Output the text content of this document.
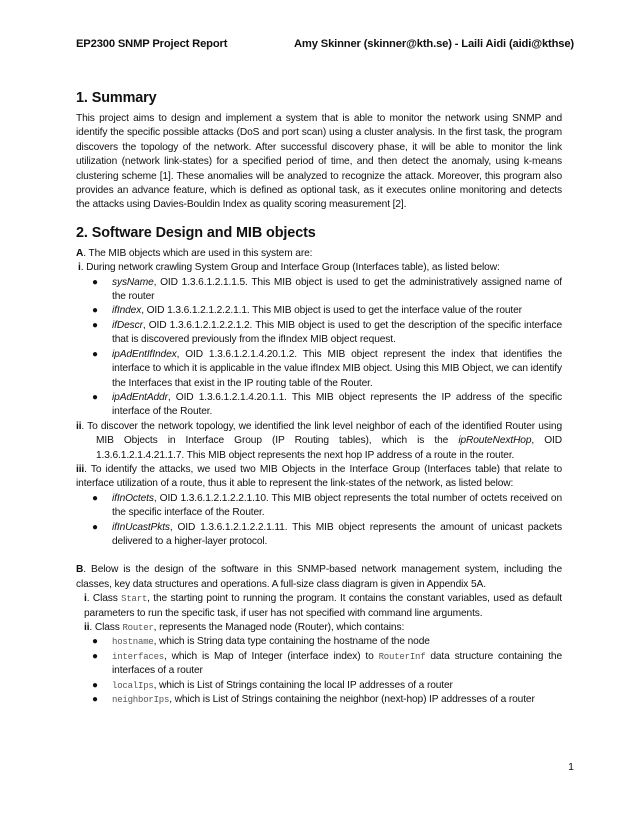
EP2300 SNMP Project Report	Amy Skinner (skinner@kth.se) - Laili Aidi (aidi@kthse)
1. Summary

This project aims to design and implement a system that is able to monitor the network using SNMP and identify the specific possible attacks (DoS and port scan) using a cluster analysis. In the first task, the program discovers the topology of the network. After successful discovery phase, it will be able to monitor the link utilization (network link-states) for a specified period of time, and then detect the anomaly, using k-means clustering scheme [1]. These anomalies will be analyzed to recognize the attack. Moreover, this program also provides an advance feature, which is defined as optional task, as it executes online monitoring and detects the attacks using Davies-Bouldin Index as quality scoring measurement [2].

2. Software Design and MIB objects

A. The MIB objects which are used in this system are:

i. During network crawling System Group and Interface Group (Interfaces table), as listed below:

● sysName, OID 1.3.6.1.2.1.1.5. This MIB object is used to get the administratively assigned name of the router
● ifIndex, OID 1.3.6.1.2.1.2.2.1.1. This MIB object is used to get the interface value of the router
● ifDescr, OID 1.3.6.1.2.1.2.2.1.2. This MIB object is used to get the description of the specific interface that is discovered previously from the ifIndex MIB object request.
● ipAdEntIfIndex, OID 1.3.6.1.2.1.4.20.1.2. This MIB object represent the index that identifies the interface to which it is applicable in the value ifIndex MIB object. Using this MIB Object, we can identify the Interfaces that exist in the IP routing table of the Router.
● ipAdEntAddr, OID 1.3.6.1.2.1.4.20.1.1. This MIB object represents the IP address of the specific interface of the Router.

ii. To discover the network topology, we identified the link level neighbor of each of the identified Router using MIB Objects in Interface Group (IP Routing tables), which is the ipRouteNextHop, OID 1.3.6.1.2.1.4.21.1.7. This MIB object represents the next hop IP address of a route in the router.

iii. To identify the attacks, we used two MIB Objects in the Interface Group (Interfaces table) that relate to interface utilization of a route, thus it able to represent the link-states of the network, as listed below:

● ifInOctets, OID 1.3.6.1.2.1.2.2.1.10. This MIB object represents the total number of octets received on the specific interface of the Router.
● ifInUcastPkts, OID 1.3.6.1.2.1.2.2.1.11. This MIB object represents the amount of unicast packets delivered to a higher-layer protocol.

B. Below is the design of the software in this SNMP-based network management system, including the classes, key data structures and operations. A full-size class diagram is given in Appendix 5A.

i. Class Start, the starting point to running the program. It contains the constant variables, used as default parameters to run the specific task, if user has not specified with command line arguments.

ii. Class Router, represents the Managed node (Router), which contains:

● hostname, which is String data type containing the hostname of the node
● interfaces, which is Map of Integer (interface index) to RouterInf data structure containing the interfaces of a router
● localIps, which is List of Strings containing the local IP addresses of a router
● neighborIps, which is List of Strings containing the neighbor (next-hop) IP addresses of a router
1
